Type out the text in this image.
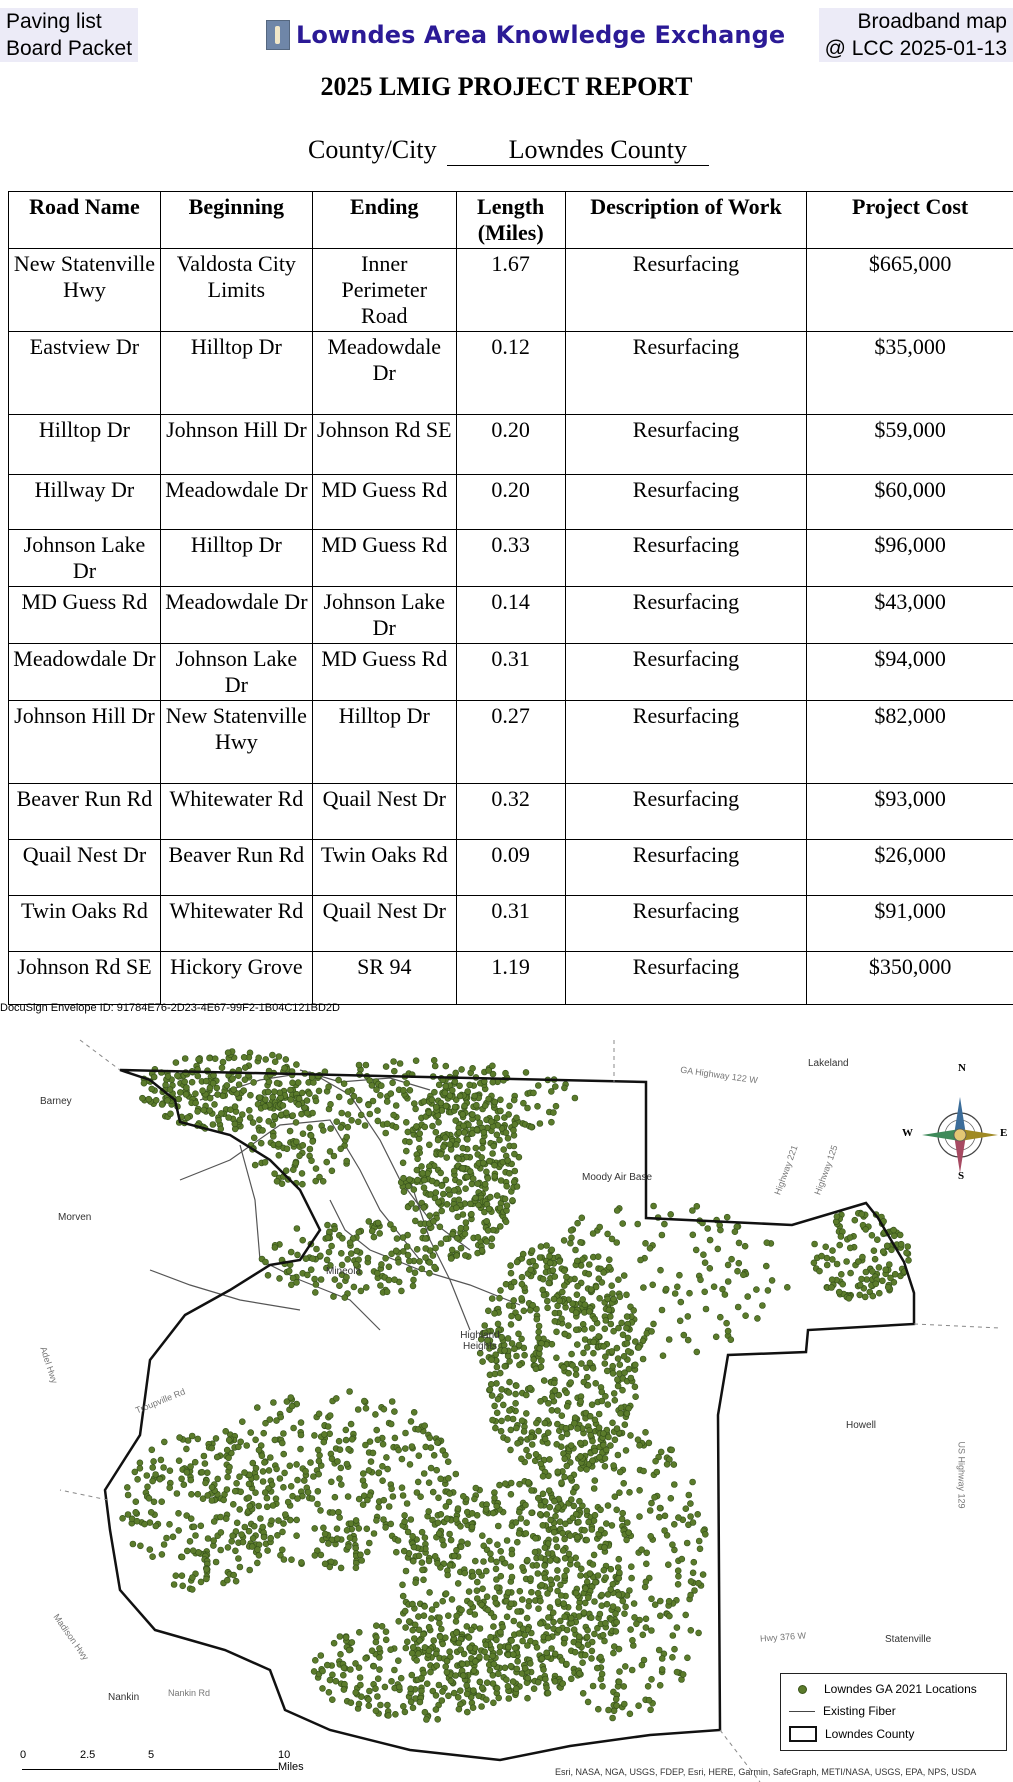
Paving list
Board Packet
Broadband map
@ LCC 2025-01-13
Lowndes Area Knowledge Exchange
2025 LMIG PROJECT REPORT
County/City	Lowndes County
Road Name	Beginning	Ending	Length (Miles)	Description of Work	Project Cost
New Statenville Hwy	Valdosta City Limits	Inner Perimeter Road	1.67	Resurfacing	$665,000
Eastview Dr	Hilltop Dr	Meadowdale Dr	0.12	Resurfacing	$35,000
Hilltop Dr	Johnson Hill Dr	Johnson Rd SE	0.20	Resurfacing	$59,000
Hillway Dr	Meadowdale Dr	MD Guess Rd	0.20	Resurfacing	$60,000
Johnson Lake Dr	Hilltop Dr	MD Guess Rd	0.33	Resurfacing	$96,000
MD Guess Rd	Meadowdale Dr	Johnson Lake Dr	0.14	Resurfacing	$43,000
Meadowdale Dr	Johnson Lake Dr	MD Guess Rd	0.31	Resurfacing	$94,000
Johnson Hill Dr	New Statenville Hwy	Hilltop Dr	0.27	Resurfacing	$82,000
Beaver Run Rd	Whitewater Rd	Quail Nest Dr	0.32	Resurfacing	$93,000
Quail Nest Dr	Beaver Run Rd	Twin Oaks Rd	0.09	Resurfacing	$26,000
Twin Oaks Rd	Whitewater Rd	Quail Nest Dr	0.31	Resurfacing	$91,000
Johnson Rd SE	Hickory Grove	SR 94	1.19	Resurfacing	$350,000
DocuSign Envelope ID: 91784E76-2D23-4E67-99F2-1B04C121BD2D
N
S
E
W
Barney
Morven
Mineola
Highland Heights
Howell
Statenville
Nankin
Lakeland
Moody Air Base
GA Highway 122 W
Adel Hwy
Troupville Rd
Madison Hwy
Nankin Rd
Hwy 376 W
US Highway 129
Highway 221 Highway 125
Lowndes GA 2021 Locations
Existing Fiber
Lowndes County
0	2.5	5	10 Miles	Esri, NASA, NGA, USGS, FDEP, Esri, HERE, Garmin, SafeGraph, METI/NASA, USGS, EPA, NPS, USDA
